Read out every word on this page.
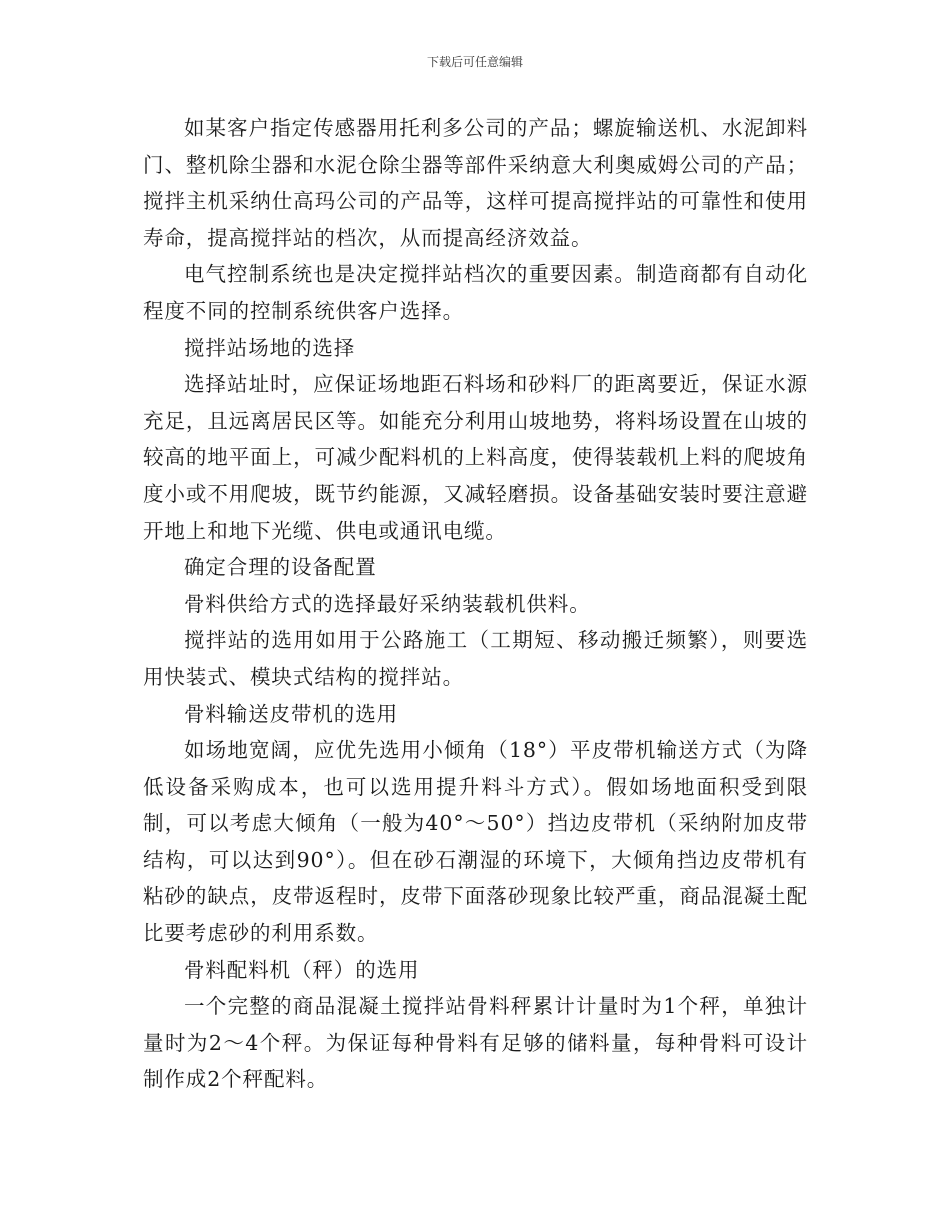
下载后可任意编辑

如某客户指定传感器用托利多公司的产品；螺旋输送机、水泥卸料门、整机除尘器和水泥仓除尘器等部件采纳意大利奥威姆公司的产品；搅拌主机采纳仕高玛公司的产品等，这样可提高搅拌站的可靠性和使用寿命，提高搅拌站的档次，从而提高经济效益。

电气控制系统也是决定搅拌站档次的重要因素。制造商都有自动化程度不同的控制系统供客户选择。

搅拌站场地的选择

选择站址时，应保证场地距石料场和砂料厂的距离要近，保证水源充足，且远离居民区等。如能充分利用山坡地势，将料场设置在山坡的较高的地平面上，可减少配料机的上料高度，使得装载机上料的爬坡角度小或不用爬坡，既节约能源，又减轻磨损。设备基础安装时要注意避开地上和地下光缆、供电或通讯电缆。

确定合理的设备配置

骨料供给方式的选择最好采纳装载机供料。

搅拌站的选用如用于公路施工（工期短、移动搬迁频繁），则要选用快装式、模块式结构的搅拌站。

骨料输送皮带机的选用

如场地宽阔，应优先选用小倾角（18°）平皮带机输送方式（为降低设备采购成本，也可以选用提升料斗方式）。假如场地面积受到限制，可以考虑大倾角（一般为40°～50°）挡边皮带机（采纳附加皮带结构，可以达到90°）。但在砂石潮湿的环境下，大倾角挡边皮带机有粘砂的缺点，皮带返程时，皮带下面落砂现象比较严重，商品混凝土配比要考虑砂的利用系数。

骨料配料机（秤）的选用

一个完整的商品混凝土搅拌站骨料秤累计计量时为1个秤，单独计量时为2～4个秤。为保证每种骨料有足够的储料量，每种骨料可设计制作成2个秤配料。
